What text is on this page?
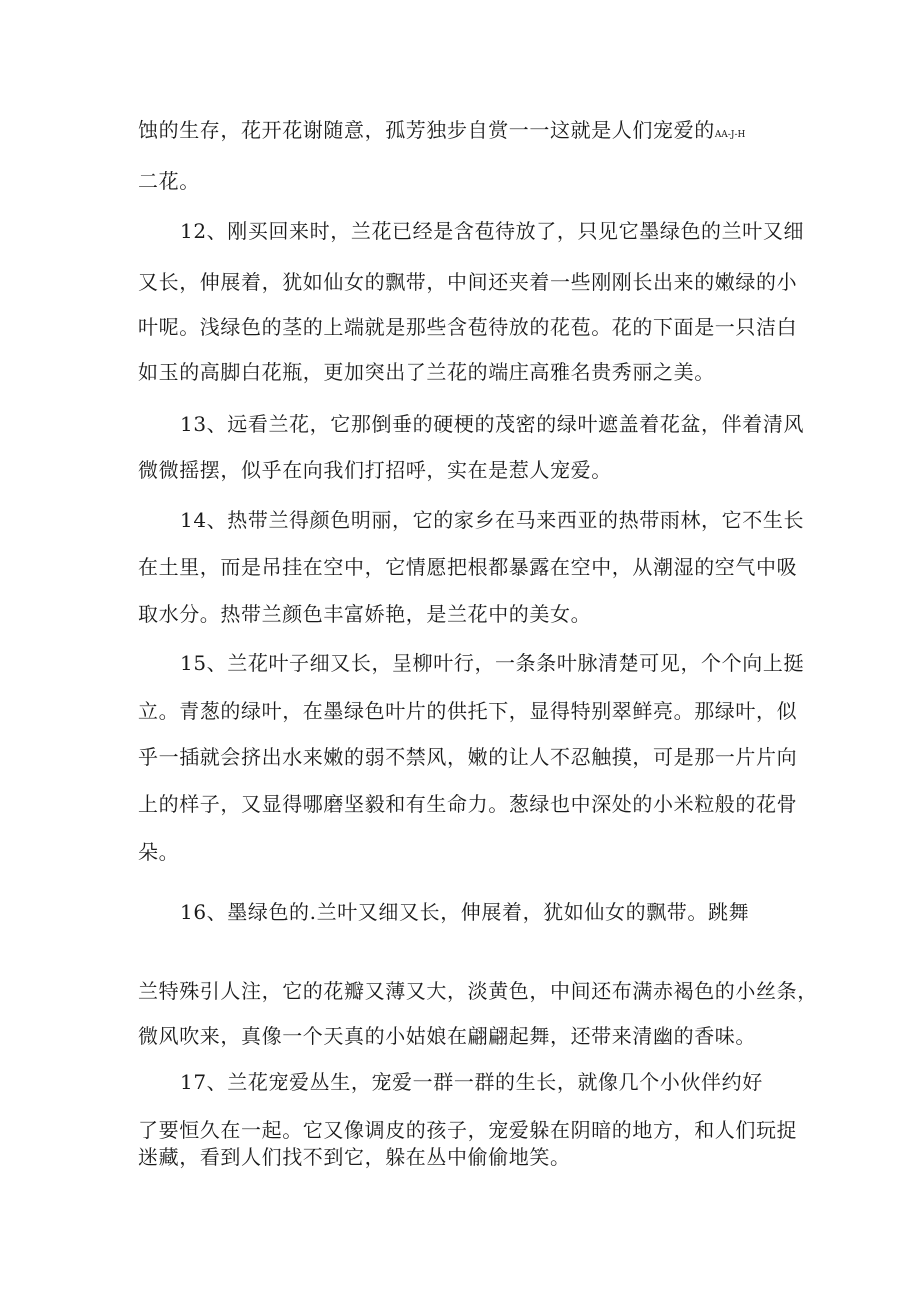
蚀的生存，花开花谢随意，孤芳独步自赏一一这就是人们宠爱的AA-J-H
二花。
12、刚买回来时，兰花已经是含苞待放了，只见它墨绿色的兰叶又细
又长，伸展着，犹如仙女的飘带，中间还夹着一些刚刚长出来的嫩绿的小
叶呢。浅绿色的茎的上端就是那些含苞待放的花苞。花的下面是一只洁白
如玉的高脚白花瓶，更加突出了兰花的端庄高雅名贵秀丽之美。
13、远看兰花，它那倒垂的硬梗的茂密的绿叶遮盖着花盆，伴着清风
微微摇摆，似乎在向我们打招呼，实在是惹人宠爱。
14、热带兰得颜色明丽，它的家乡在马来西亚的热带雨林，它不生长
在土里，而是吊挂在空中，它情愿把根都暴露在空中，从潮湿的空气中吸
取水分。热带兰颜色丰富娇艳，是兰花中的美女。
15、兰花叶子细又长，呈柳叶行，一条条叶脉清楚可见，个个向上挺
立。青葱的绿叶，在墨绿色叶片的供托下，显得特别翠鲜亮。那绿叶，似
乎一插就会挤出水来嫩的弱不禁风，嫩的让人不忍触摸，可是那一片片向
上的样子，又显得哪磨坚毅和有生命力。葱绿也中深处的小米粒般的花骨
朵。
16、墨绿色的.兰叶又细又长，伸展着，犹如仙女的飘带。跳舞
兰特殊引人注，它的花瓣又薄又大，淡黄色，中间还布满赤褐色的小丝条，
微风吹来，真像一个天真的小姑娘在翩翩起舞，还带来清幽的香味。
17、兰花宠爱丛生，宠爱一群一群的生长，就像几个小伙伴约好
了要恒久在一起。它又像调皮的孩子，宠爱躲在阴暗的地方，和人们玩捉
迷藏，看到人们找不到它，躲在丛中偷偷地笑。
